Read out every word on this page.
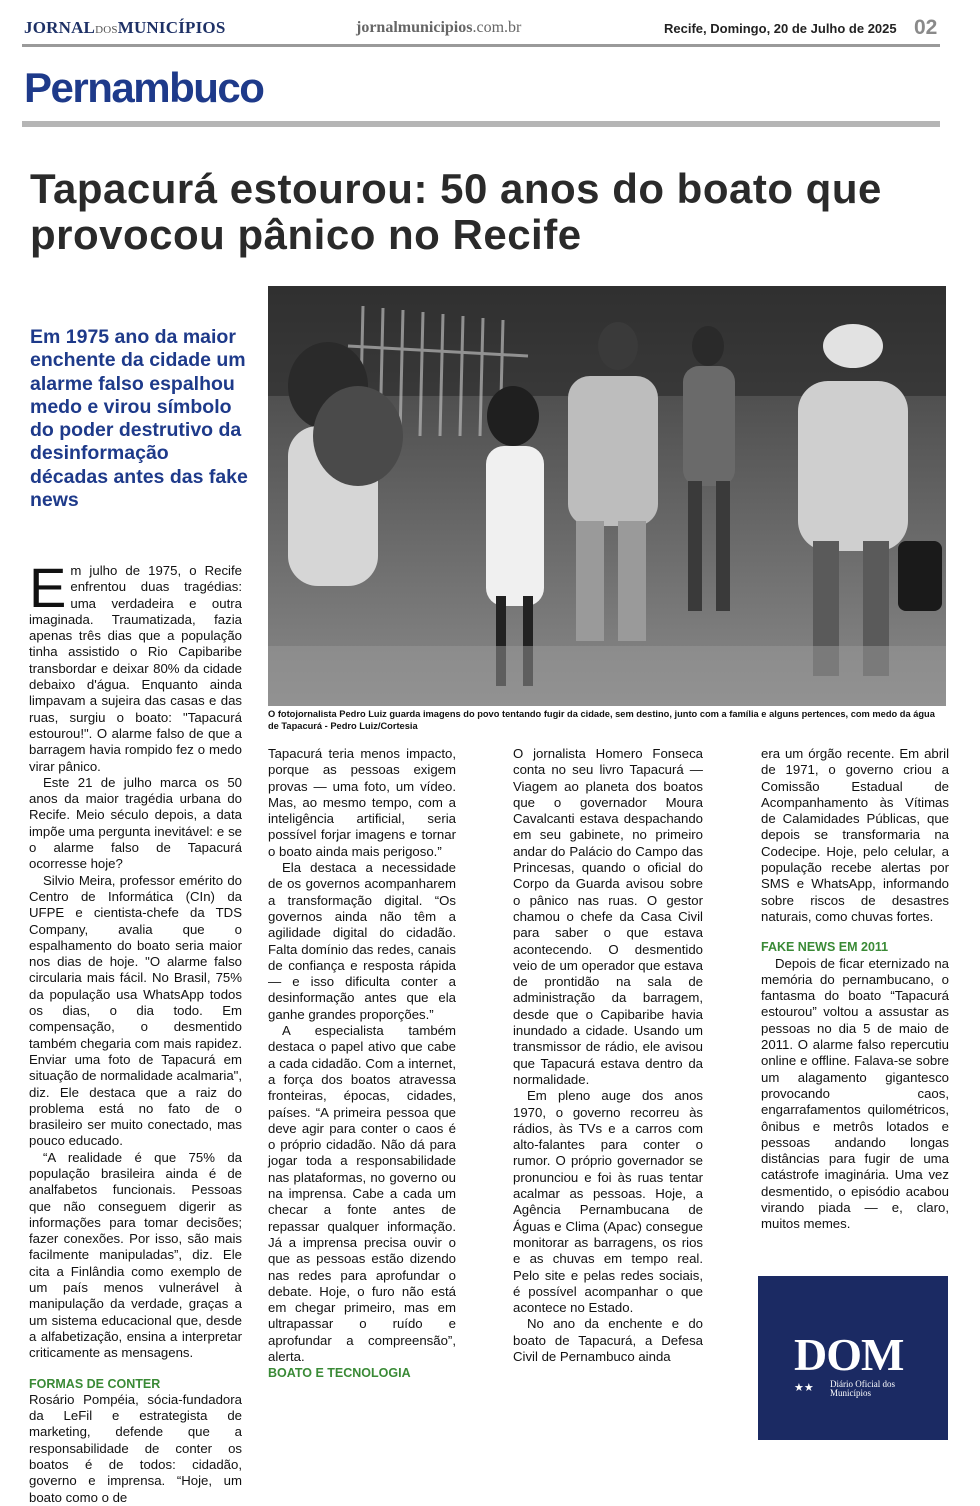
JORNALDOSMUNICÍPIOS	jornalmunicipios.com.br	Recife, Domingo, 20 de Julho de 2025 02
Pernambuco
Tapacurá estourou: 50 anos do boato que provocou pânico no Recife
Em 1975 ano da maior enchente da cidade um alarme falso espalhou medo e virou símbolo do poder destrutivo da desinformação décadas antes das fake news
O fotojornalista Pedro Luiz guarda imagens do povo tentando fugir da cidade, sem destino, junto com a família e alguns pertences, com medo da água de Tapacurá - Pedro Luiz/Cortesia

Em julho de 1975, o Recife enfrentou duas tragédias: uma verdadeira e outra imaginada. Traumatizada, fazia apenas três dias que a população tinha assistido o Rio Capibaribe transbordar e deixar 80% da cidade debaixo d'água. Enquanto ainda limpavam a sujeira das casas e das ruas, surgiu o boato: "Tapacurá estourou!". O alarme falso de que a barragem havia rompido fez o medo virar pânico.

Este 21 de julho marca os 50 anos da maior tragédia urbana do Recife. Meio século depois, a data impõe uma pergunta inevitável: e se o alarme falso de Tapacurá ocorresse hoje?

Silvio Meira, professor emérito do Centro de Informática (CIn) da UFPE e cientista-chefe da TDS Company, avalia que o espalhamento do boato seria maior nos dias de hoje. "O alarme falso circularia mais fácil. No Brasil, 75% da população usa WhatsApp todos os dias, o dia todo. Em compensação, o desmentido também chegaria com mais rapidez. Enviar uma foto de Tapacurá em situação de normalidade acalmaria", diz. Ele destaca que a raiz do problema está no fato de o brasileiro ser muito conectado, mas pouco educado.

“A realidade é que 75% da população brasileira ainda é de analfabetos funcionais. Pessoas que não conseguem digerir as informações para tomar decisões; fazer conexões. Por isso, são mais facilmente manipuladas”, diz. Ele cita a Finlândia como exemplo de um país menos vulnerável à manipulação da verdade, graças a um sistema educacional que, desde a alfabetização, ensina a interpretar criticamente as mensagens.

FORMAS DE CONTER

Rosário Pompéia, sócia-fundadora da LeFil e estrategista de marketing, defende que a responsabilidade de conter os boatos é de todos: cidadão, governo e imprensa. “Hoje, um boato como o de

Tapacurá teria menos impacto, porque as pessoas exigem provas — uma foto, um vídeo. Mas, ao mesmo tempo, com a inteligência artificial, seria possível forjar imagens e tornar o boato ainda mais perigoso.”

Ela destaca a necessidade de os governos acompanharem a transformação digital. “Os governos ainda não têm a agilidade digital do cidadão. Falta domínio das redes, canais de confiança e resposta rápida — e isso dificulta conter a desinformação antes que ela ganhe grandes proporções.”

A especialista também destaca o papel ativo que cabe a cada cidadão. Com a internet, a força dos boatos atravessa fronteiras, épocas, cidades, países. “A primeira pessoa que deve agir para conter o caos é o próprio cidadão. Não dá para jogar toda a responsabilidade nas plataformas, no governo ou na imprensa. Cabe a cada um checar a fonte antes de repassar qualquer informação. Já a imprensa precisa ouvir o que as pessoas estão dizendo nas redes para aprofundar o debate. Hoje, o furo não está em chegar primeiro, mas em ultrapassar o ruído e aprofundar a compreensão”, alerta.

BOATO E TECNOLOGIA

O jornalista Homero Fonseca conta no seu livro Tapacurá — Viagem ao planeta dos boatos que o governador Moura Cavalcanti estava despachando em seu gabinete, no primeiro andar do Palácio do Campo das Princesas, quando o oficial do Corpo da Guarda avisou sobre o pânico nas ruas. O gestor chamou o chefe da Casa Civil para saber o que estava acontecendo. O desmentido veio de um operador que estava de prontidão na sala de administração da barragem, desde que o Capibaribe havia inundado a cidade. Usando um transmissor de rádio, ele avisou que Tapacurá estava dentro da normalidade.

Em pleno auge dos anos 1970, o governo recorreu às rádios, às TVs e a carros com alto-falantes para conter o rumor. O próprio governador se pronunciou e foi às ruas tentar acalmar as pessoas. Hoje, a Agência Pernambucana de Águas e Clima (Apac) consegue monitorar as barragens, os rios e as chuvas em tempo real. Pelo site e pelas redes sociais, é possível acompanhar o que acontece no Estado.

No ano da enchente e do boato de Tapacurá, a Defesa Civil de Pernambuco ainda

era um órgão recente. Em abril de 1971, o governo criou a Comissão Estadual de Acompanhamento às Vítimas de Calamidades Públicas, que depois se transformaria na Codecipe. Hoje, pelo celular, a população recebe alertas por SMS e WhatsApp, informando sobre riscos de desastres naturais, como chuvas fortes.

FAKE NEWS EM 2011

Depois de ficar eternizado na memória do pernambucano, o fantasma do boato “Tapacurá estourou” voltou a assustar as pessoas no dia 5 de maio de 2011. O alarme falso repercutiu online e offline. Falava-se sobre um alagamento gigantesco provocando caos, engarrafamentos quilométricos, ônibus e metrôs lotados e pessoas andando longas distâncias para fugir de uma catástrofe imaginária. Uma vez desmentido, o episódio acabou virando piada — e, claro, muitos memes.

DOM
★★ Diário Oficial dos
Municípios
